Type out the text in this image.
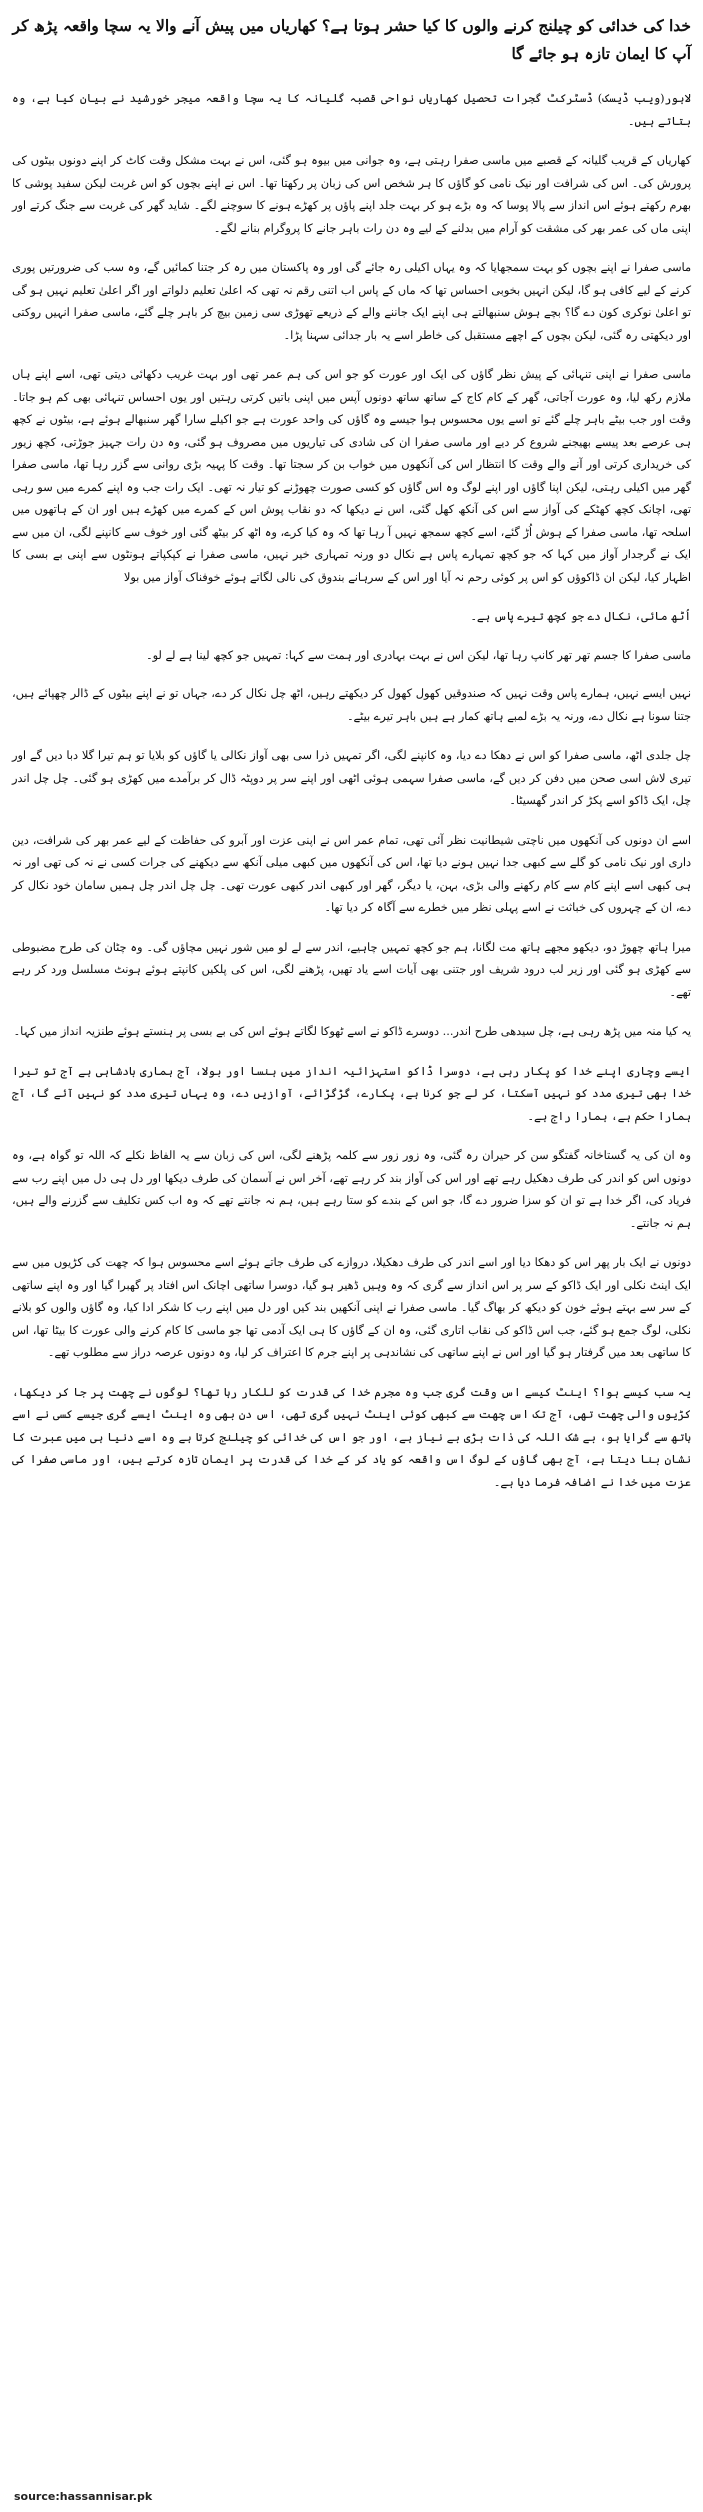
خدا کی خدائی کو چیلنج کرنے والوں کا کیا حشر ہوتا ہے؟ کھاریاں میں پیش آنے والا یہ سچا واقعہ پڑھ کر آپ کا ایمان تازہ ہو جائے گا

لاہور(ویب ڈیسک) ڈسٹرکٹ گجرات تحصیل کھاریاں نواحی قصبہ گلیانہ کا یہ سچا واقعہ میجر خورشید نے بیان کیا ہے، وہ بتاتے ہیں۔

کھاریاں کے قریب گلیانہ کے قصبے میں ماسی صفرا رہتی ہے، وہ جوانی میں بیوہ ہو گئی، اس نے بہت مشکل وقت کاٹ کر اپنے دونوں بیٹوں کی پرورش کی۔ اس کی شرافت اور نیک نامی کو گاؤں کا ہر شخص اس کی زبان پر رکھتا تھا۔ اس نے اپنے بچوں کو اس غربت لیکن سفید پوشی کا بھرم رکھتے ہوئے اس انداز سے پالا پوسا کہ وہ بڑے ہو کر بہت جلد اپنے پاؤں پر کھڑے ہونے کا سوچنے لگے۔ شاید گھر کی غربت سے جنگ کرتے اور اپنی ماں کی عمر بھر کی مشقت کو آرام میں بدلنے کے لیے وہ دن رات باہر جانے کا پروگرام بنانے لگے۔

ماسی صفرا نے اپنے بچوں کو بہت سمجھایا کہ وہ یہاں اکیلی رہ جائے گی اور وہ پاکستان میں رہ کر جتنا کمائیں گے، وہ سب کی ضرورتیں پوری کرنے کے لیے کافی ہو گا، لیکن انہیں بخوبی احساس تھا کہ ماں کے پاس اب اتنی رقم نہ تھی کہ اعلیٰ تعلیم دلواتے اور اگر اعلیٰ تعلیم نہیں ہو گی تو اعلیٰ نوکری کون دے گا؟ بچے ہوش سنبھالتے ہی اپنے ایک جاننے والے کے ذریعے تھوڑی سی زمین بیچ کر باہر چلے گئے، ماسی صفرا انہیں روکتی اور دیکھتی رہ گئی، لیکن بچوں کے اچھے مستقبل کی خاطر اسے یہ بار جدائی سہنا پڑا۔

ماسی صفرا نے اپنی تنہائی کے پیش نظر گاؤں کی ایک اور عورت کو جو اس کی ہم عمر تھی اور بہت غریب دکھائی دیتی تھی، اسے اپنے ہاں ملازم رکھ لیا، وہ عورت آجاتی، گھر کے کام کاج کے ساتھ ساتھ دونوں آپس میں اپنی باتیں کرتی رہتیں اور یوں احساس تنہائی بھی کم ہو جاتا۔ وقت اور جب بیٹے باہر چلے گئے تو اسے یوں محسوس ہوا جیسے وہ گاؤں کی واحد عورت ہے جو اکیلے سارا گھر سنبھالے ہوئے ہے، بیٹوں نے کچھ ہی عرصے بعد پیسے بھیجنے شروع کر دیے اور ماسی صفرا ان کی شادی کی تیاریوں میں مصروف ہو گئی، وہ دن رات جہیز جوڑتی، کچھ زیور کی خریداری کرتی اور آنے والے وقت کا انتظار اس کی آنکھوں میں خواب بن کر سجتا تھا۔ وقت کا پہیہ بڑی روانی سے گزر رہا تھا، ماسی صفرا گھر میں اکیلی رہتی، لیکن اپنا گاؤں اور اپنے لوگ وہ اس گاؤں کو کسی صورت چھوڑنے کو تیار نہ تھی۔ ایک رات جب وہ اپنے کمرے میں سو رہی تھی، اچانک کچھ کھٹکے کی آواز سے اس کی آنکھ کھل گئی، اس نے دیکھا کہ دو نقاب پوش اس کے کمرے میں کھڑے ہیں اور ان کے ہاتھوں میں اسلحہ تھا، ماسی صفرا کے ہوش اُڑ گئے، اسے کچھ سمجھ نہیں آ رہا تھا کہ وہ کیا کرے، وہ اٹھ کر بیٹھ گئی اور خوف سے کانپنے لگی، ان میں سے ایک نے گرجدار آواز میں کہا کہ جو کچھ تمہارے پاس ہے نکال دو ورنہ تمہاری خیر نہیں، ماسی صفرا نے کپکپاتے ہونٹوں سے اپنی بے بسی کا اظہار کیا، لیکن ان ڈاکوؤں کو اس پر کوئی رحم نہ آیا اور اس کے سرہانے بندوق کی نالی لگاتے ہوئے خوفناک آواز میں بولا

اُٹھ مائی، نکال دے جو کچھ تیرے پاس ہے۔

ماسی صفرا کا جسم تھر تھر کانپ رہا تھا، لیکن اس نے بہت بہادری اور ہمت سے کہا: تمہیں جو کچھ لینا ہے لے لو۔

نہیں ایسے نہیں، ہمارے پاس وقت نہیں کہ صندوقیں کھول کھول کر دیکھتے رہیں، اٹھ چل نکال کر دے، جہاں تو نے اپنے بیٹوں کے ڈالر چھپائے ہیں، جتنا سونا ہے نکال دے، ورنہ یہ بڑے لمبے ہاتھ کمار ہے ہیں باہر تیرے بیٹے۔

چل جلدی اٹھ، ماسی صفرا کو اس نے دھکا دے دیا، وہ کانپنے لگی، اگر تمہیں ذرا سی بھی آواز نکالی یا گاؤں کو بلایا تو ہم تیرا گلا دبا دیں گے اور تیری لاش اسی صحن میں دفن کر دیں گے، ماسی صفرا سہمی ہوئی اٹھی اور اپنے سر پر دوپٹہ ڈال کر برآمدے میں کھڑی ہو گئی۔ چل چل اندر چل، ایک ڈاکو اسے پکڑ کر اندر گھسیٹا۔

اسے ان دونوں کی آنکھوں میں ناچتی شیطانیت نظر آئی تھی، تمام عمر اس نے اپنی عزت اور آبرو کی حفاظت کے لیے عمر بھر کی شرافت، دین داری اور نیک نامی کو گلے سے کبھی جدا نہیں ہونے دیا تھا، اس کی آنکھوں میں کبھی میلی آنکھ سے دیکھنے کی جرات کسی نے نہ کی تھی اور نہ ہی کبھی اسے اپنے کام سے کام رکھنے والی بڑی، بہن، یا دیگر، گھر اور کبھی اندر کبھی عورت تھی۔ چل چل اندر چل ہمیں سامان خود نکال کر دے، ان کے چہروں کی خباثت نے اسے پہلی نظر میں خطرے سے آگاہ کر دیا تھا۔

میرا ہاتھ چھوڑ دو، دیکھو مجھے ہاتھ مت لگانا، ہم جو کچھ تمہیں چاہیے، اندر سے لے لو میں شور نہیں مچاؤں گی۔ وہ چٹان کی طرح مضبوطی سے کھڑی ہو گئی اور زیر لب درود شریف اور جتنی بھی آیات اسے یاد تھیں، پڑھنے لگی، اس کی پلکیں کانپتے ہوئے ہونٹ مسلسل ورد کر رہے تھے۔

یہ کیا منہ میں پڑھ رہی ہے، چل سیدھی طرح اندر... دوسرے ڈاکو نے اسے ٹھوکا لگاتے ہوئے اس کی بے بسی پر ہنستے ہوئے طنزیہ انداز میں کہا۔

ایسے وچاری اپنے خدا کو پکار رہی ہے، دوسرا ڈاکو استہزائیہ انداز میں ہنسا اور بولا، آج ہماری بادشاہی ہے آج تو تیرا خدا بھی تیری مدد کو نہیں آسکتا، کر لے جو کرنا ہے، پکارے، گڑگڑائے، آوازیں دے، وہ یہاں تیری مدد کو نہیں آئے گا، آج ہمارا حکم ہے، ہمارا راج ہے۔

وہ ان کی یہ گستاخانہ گفتگو سن کر حیران رہ گئی، وہ زور زور سے کلمہ پڑھنے لگی، اس کی زبان سے یہ الفاظ نکلے کہ اللہ تو گواہ ہے، وہ دونوں اس کو اندر کی طرف دھکیل رہے تھے اور اس کی آواز بند کر رہے تھے، آخر اس نے آسمان کی طرف دیکھا اور دل ہی دل میں اپنے رب سے فریاد کی، اگر خدا ہے تو ان کو سزا ضرور دے گا، جو اس کے بندے کو ستا رہے ہیں، ہم نہ جانتے تھے کہ وہ اب کس تکلیف سے گزرنے والے ہیں، ہم نہ جانتے۔

دونوں نے ایک بار پھر اس کو دھکا دیا اور اسے اندر کی طرف دھکیلا، دروازے کی طرف جاتے ہوئے اسے محسوس ہوا کہ چھت کی کڑیوں میں سے ایک اینٹ نکلی اور ایک ڈاکو کے سر پر اس انداز سے گری کہ وہ وہیں ڈھیر ہو گیا، دوسرا ساتھی اچانک اس افتاد پر گھبرا گیا اور وہ اپنے ساتھی کے سر سے بہتے ہوئے خون کو دیکھ کر بھاگ گیا۔ ماسی صفرا نے اپنی آنکھیں بند کیں اور دل میں اپنے رب کا شکر ادا کیا، وہ گاؤں والوں کو بلانے نکلی، لوگ جمع ہو گئے، جب اس ڈاکو کی نقاب اتاری گئی، وہ ان کے گاؤں کا ہی ایک آدمی تھا جو ماسی کا کام کرنے والی عورت کا بیٹا تھا، اس کا ساتھی بعد میں گرفتار ہو گیا اور اس نے اپنے ساتھی کی نشاندہی پر اپنے جرم کا اعتراف کر لیا، وہ دونوں عرصہ دراز سے مطلوب تھے۔

یہ سب کیسے ہوا؟ اینٹ کیسے اس وقت گری جب وہ مجرم خدا کی قدرت کو للکار رہا تھا؟ لوگوں نے چھت پر جا کر دیکھا، کڑیوں والی چھت تھی، آج تک اس چھت سے کبھی کوئی اینٹ نہیں گری تھی، اس دن بھی وہ اینٹ ایسے گری جیسے کسی نے اسے ہاتھ سے گرایا ہو، بے شک اللہ کی ذات بڑی بے نیاز ہے، اور جو اس کی خدائی کو چیلنج کرتا ہے وہ اسے دنیا ہی میں عبرت کا نشان بنا دیتا ہے، آج بھی گاؤں کے لوگ اس واقعہ کو یاد کر کے خدا کی قدرت پر ایمان تازہ کرتے ہیں، اور ماسی صفرا کی عزت میں خدا نے اضافہ فرما دیا ہے۔

source:hassannisar.pk
